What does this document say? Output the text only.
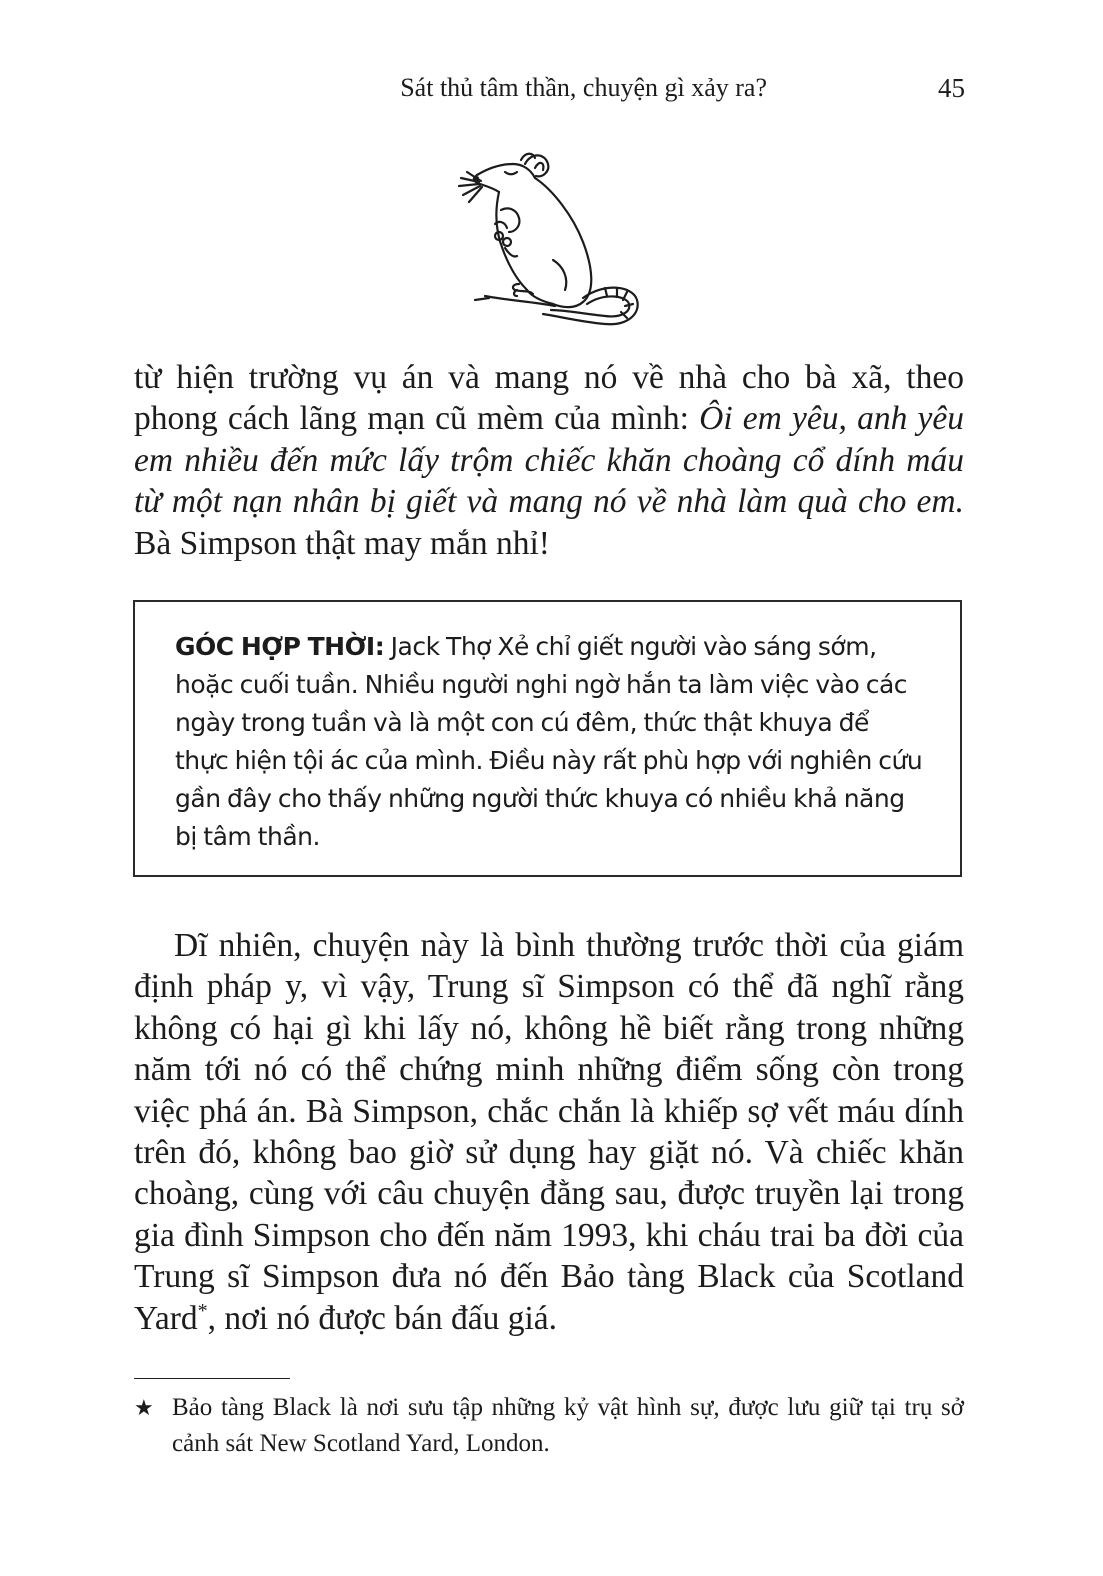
Sát thủ tâm thần, chuyện gì xảy ra?	45

từ hiện trường vụ án và mang nó về nhà cho bà xã, theo phong cách lãng mạn cũ mèm của mình: Ôi em yêu, anh yêu em nhiều đến mức lấy trộm chiếc khăn choàng cổ dính máu từ một nạn nhân bị giết và mang nó về nhà làm quà cho em. Bà Simpson thật may mắn nhỉ!

GÓC HỢP THỜI: Jack Thợ Xẻ chỉ giết người vào sáng sớm, hoặc cuối tuần. Nhiều người nghi ngờ hắn ta làm việc vào các ngày trong tuần và là một con cú đêm, thức thật khuya để thực hiện tội ác của mình. Điều này rất phù hợp với nghiên cứu gần đây cho thấy những người thức khuya có nhiều khả năng bị tâm thần.

Dĩ nhiên, chuyện này là bình thường trước thời của giám định pháp y, vì vậy, Trung sĩ Simpson có thể đã nghĩ rằng không có hại gì khi lấy nó, không hề biết rằng trong những năm tới nó có thể chứng minh những điểm sống còn trong việc phá án. Bà Simpson, chắc chắn là khiếp sợ vết máu dính trên đó, không bao giờ sử dụng hay giặt nó. Và chiếc khăn choàng, cùng với câu chuyện đằng sau, được truyền lại trong gia đình Simpson cho đến năm 1993, khi cháu trai ba đời của Trung sĩ Simpson đưa nó đến Bảo tàng Black của Scotland Yard*, nơi nó được bán đấu giá.

★ Bảo tàng Black là nơi sưu tập những kỷ vật hình sự, được lưu giữ tại trụ sở cảnh sát New Scotland Yard, London.
